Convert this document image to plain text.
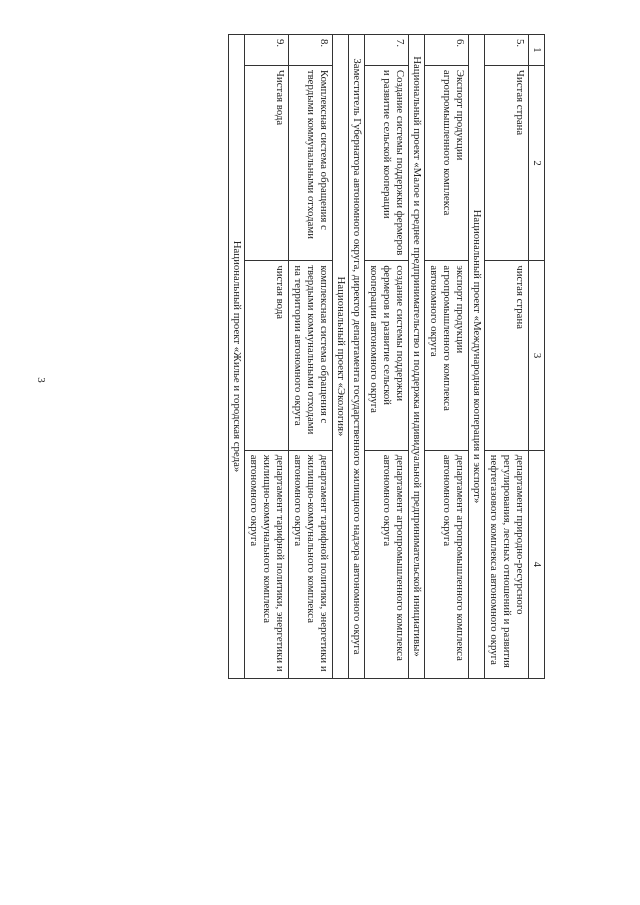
3
1	2	3	4
5.	Чистая страна	чистая страна	департамент природно-ресурсного регулирования, лесных отношений и развития нефтегазового комплекса автономного округа
Национальный проект «Международная кооперация и экспорт»			
6.	Экспорт продукции агропромышленного комплекса	экспорт продукции агропромышленного комплекса автономного округа	департамент агропромышленного комплекса автономного округа
Национальный проект «Малое и среднее предпринимательство и поддержка индивидуальной предпринимательской инициативы»			
7.	Создание системы поддержки фермеров и развитие сельской кооперации	создание системы поддержки фермеров и развитие сельской кооперации автономного округа	департамент агропромышленного комплекса автономного округа
Заместитель Губернатора автономного округа, директор департамента государственного жилищного надзора автономного округа			
Национальный проект «Экология»			
8.	Комплексная система обращения с твердыми коммунальными отходами	комплексная система обращения с твердыми коммунальными отходами на территории автономного округа	департамент тарифной политики, энергетики и жилищно-коммунального комплекса автономного округа
9.	Чистая вода	чистая вода	департамент тарифной политики, энергетики и жилищно-коммунального комплекса автономного округа
Национальный проект «Жилье и городская среда»			
